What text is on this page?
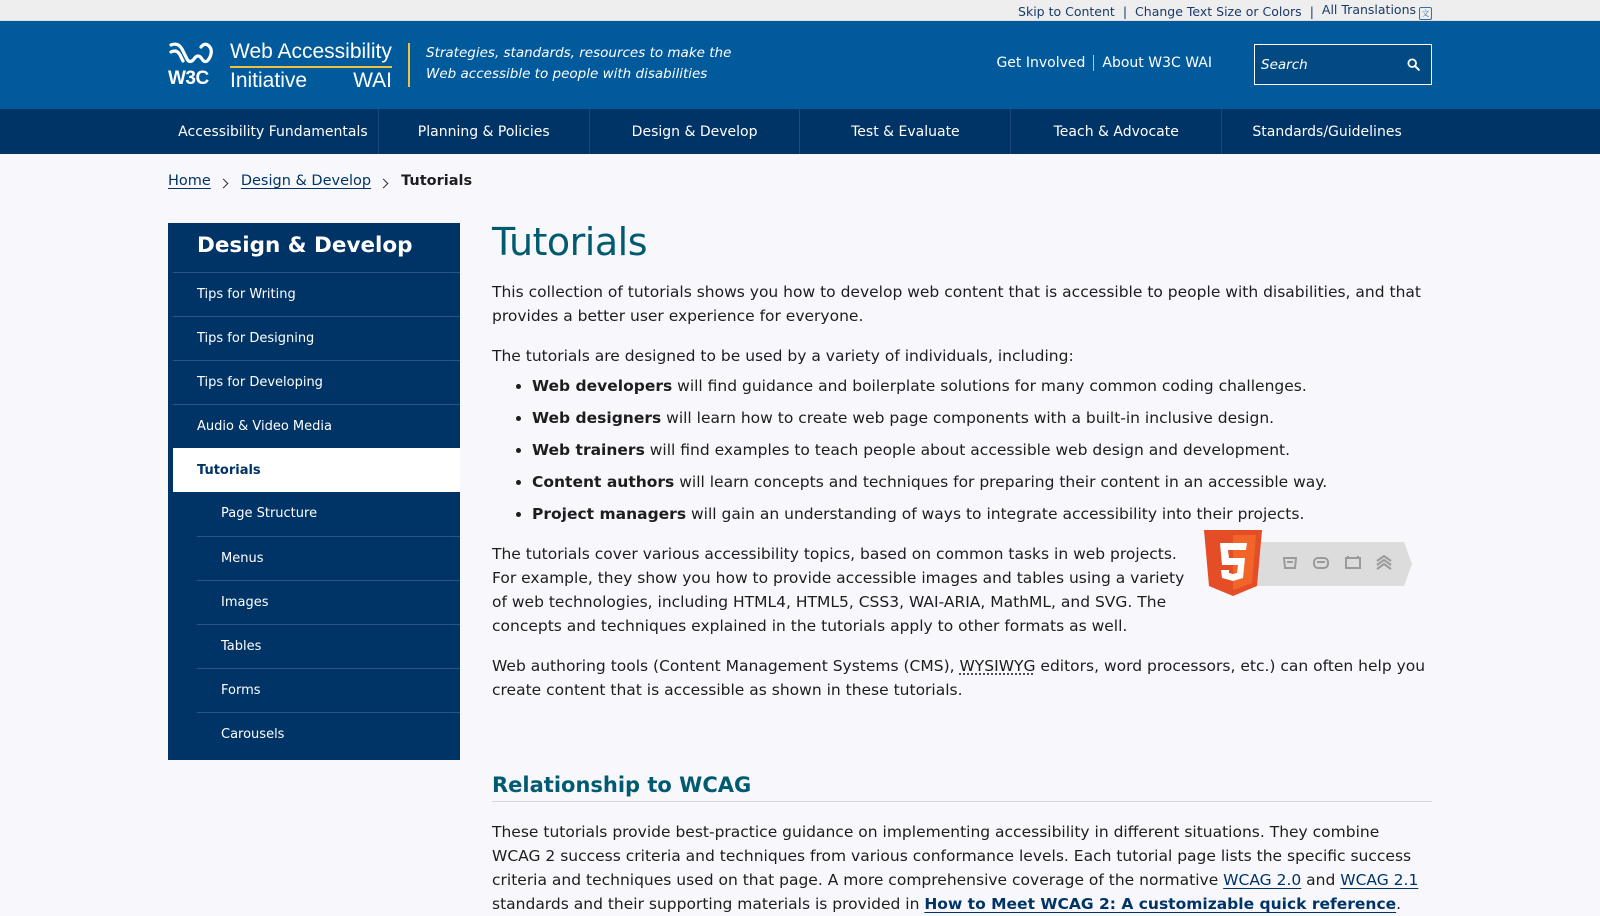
Skip to Content | Change Text Size or Colors | All Translations 文
W3C
Web Accessibility
Initiative WAI
Strategies, standards, resources to make the Web accessible to people with disabilities
Get Involved	About W3C WAI
Search
Accessibility Fundamentals	Planning & Policies	Design & Develop	Test & Evaluate	Teach & Advocate	Standards/Guidelines
Home Design & Develop Tutorials
Design & Develop
Tips for Writing
Tips for Designing
Tips for Developing
Audio & Video Media
Tutorials
Page Structure
Menus
Images
Tables
Forms
Carousels
Tutorials

This collection of tutorials shows you how to develop web content that is accessible to people with disabilities, and that provides a better user experience for everyone.

The tutorials are designed to be used by a variety of individuals, including:

• Web developers will find guidance and boilerplate solutions for many common coding challenges.
• Web designers will learn how to create web page components with a built-in inclusive design.
• Web trainers will find examples to teach people about accessible web design and development.
• Content authors will learn concepts and techniques for preparing their content in an accessible way.
• Project managers will gain an understanding of ways to integrate accessibility into their projects.

The tutorials cover various accessibility topics, based on common tasks in web projects. For example, they show you how to provide accessible images and tables using a variety of web technologies, including HTML4, HTML5, CSS3, WAI-ARIA, MathML, and SVG. The concepts and techniques explained in the tutorials apply to other formats as well.

Web authoring tools (Content Management Systems (CMS), WYSIWYG editors, word processors, etc.) can often help you create content that is accessible as shown in these tutorials.

Relationship to WCAG

These tutorials provide best-practice guidance on implementing accessibility in different situations. They combine WCAG 2 success criteria and techniques from various conformance levels. Each tutorial page lists the specific success criteria and techniques used on that page. A more comprehensive coverage of the normative WCAG 2.0 and WCAG 2.1 standards and their supporting materials is provided in How to Meet WCAG 2: A customizable quick reference.
